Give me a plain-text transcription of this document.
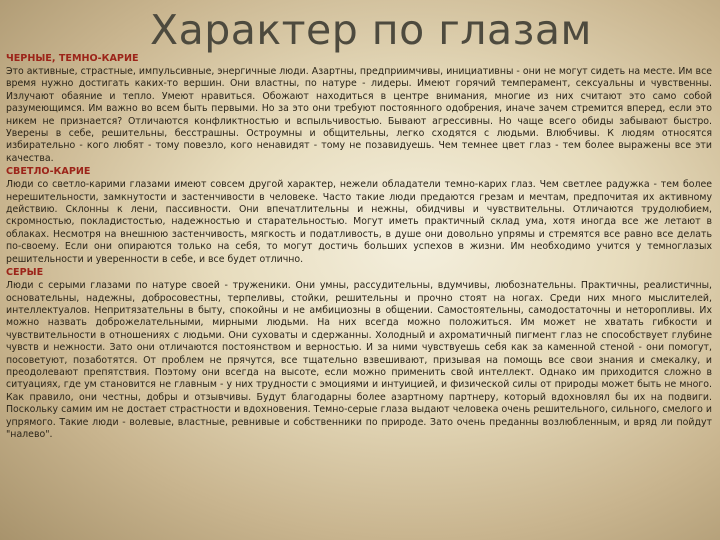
Характер по глазам
ЧЕРНЫЕ, ТЕМНО-КАРИЕ

Это активные, страстные, импульсивные, энергичные люди. Азартны, предприимчивы, инициативны - они не могут сидеть на месте. Им все время нужно достигать каких-то вершин. Они властны, по натуре - лидеры. Имеют горячий темперамент, сексуальны и чувственны. Излучают обаяние и тепло. Умеют нравиться. Обожают находиться в центре внимания, многие из них считают это само собой разумеющимся. Им важно во всем быть первыми. Но за это они требуют постоянного одобрения, иначе зачем стремится вперед, если это никем не признается? Отличаются конфликтностью и вспыльчивостью. Бывают агрессивны. Но чаще всего обиды забывают быстро. Уверены в себе, решительны, бесстрашны. Остроумны и общительны, легко сходятся с людьми. Влюбчивы. К людям относятся избирательно - кого любят - тому повезло, кого ненавидят - тому не позавидуешь. Чем темнее цвет глаз - тем более выражены все эти качества.

СВЕТЛО-КАРИЕ

Люди со светло-карими глазами имеют совсем другой характер, нежели обладатели темно-карих глаз. Чем светлее радужка - тем более нерешительности, замкнутости и застенчивости в человеке. Часто такие люди предаются грезам и мечтам, предпочитая их активному действию. Склонны к лени, пассивности. Они впечатлительны и нежны, обидчивы и чувствительны. Отличаются трудолюбием, скромностью, покладистостью, надежностью и старательностью. Могут иметь практичный склад ума, хотя иногда все же летают в облаках. Несмотря на внешнюю застенчивость, мягкость и податливость, в душе они довольно упрямы и стремятся все равно все делать по-своему. Если они опираются только на себя, то могут достичь больших успехов в жизни. Им необходимо учится у темноглазых решительности и уверенности в себе, и все будет отлично.

СЕРЫЕ

Люди с серыми глазами по натуре своей - труженики. Они умны, рассудительны, вдумчивы, любознательны. Практичны, реалистичны, основательны, надежны, добросовестны, терпеливы, стойки, решительны и прочно стоят на ногах. Среди них много мыслителей, интеллектуалов. Непритязательны в быту, спокойны и не амбициозны в общении. Самостоятельны, самодостаточны и неторопливы. Их можно назвать доброжелательными, мирными людьми. На них всегда можно положиться. Им может не хватать гибкости и чувствительности в отношениях с людьми. Они суховаты и сдержанны. Холодный и ахроматичный пигмент глаз не способствует глубине чувств и нежности. Зато они отличаются постоянством и верностью. И за ними чувствуешь себя как за каменной стеной - они помогут, посоветуют, позаботятся. От проблем не прячутся, все тщательно взвешивают, призывая на помощь все свои знания и смекалку, и преодолевают препятствия. Поэтому они всегда на высоте, если можно применить свой интеллект. Однако им приходится сложно в ситуациях, где ум становится не главным - у них трудности с эмоциями и интуицией, и физической силы от природы может быть не много. Как правило, они честны, добры и отзывчивы. Будут благодарны более азартному партнеру, который вдохновлял бы их на подвиги. Поскольку самим им не достает страстности и вдохновения. Темно-серые глаза выдают человека очень решительного, сильного, смелого и упрямого. Такие люди - волевые, властные, ревнивые и собственники по природе. Зато очень преданны возлюбленным, и вряд ли пойдут "налево".
